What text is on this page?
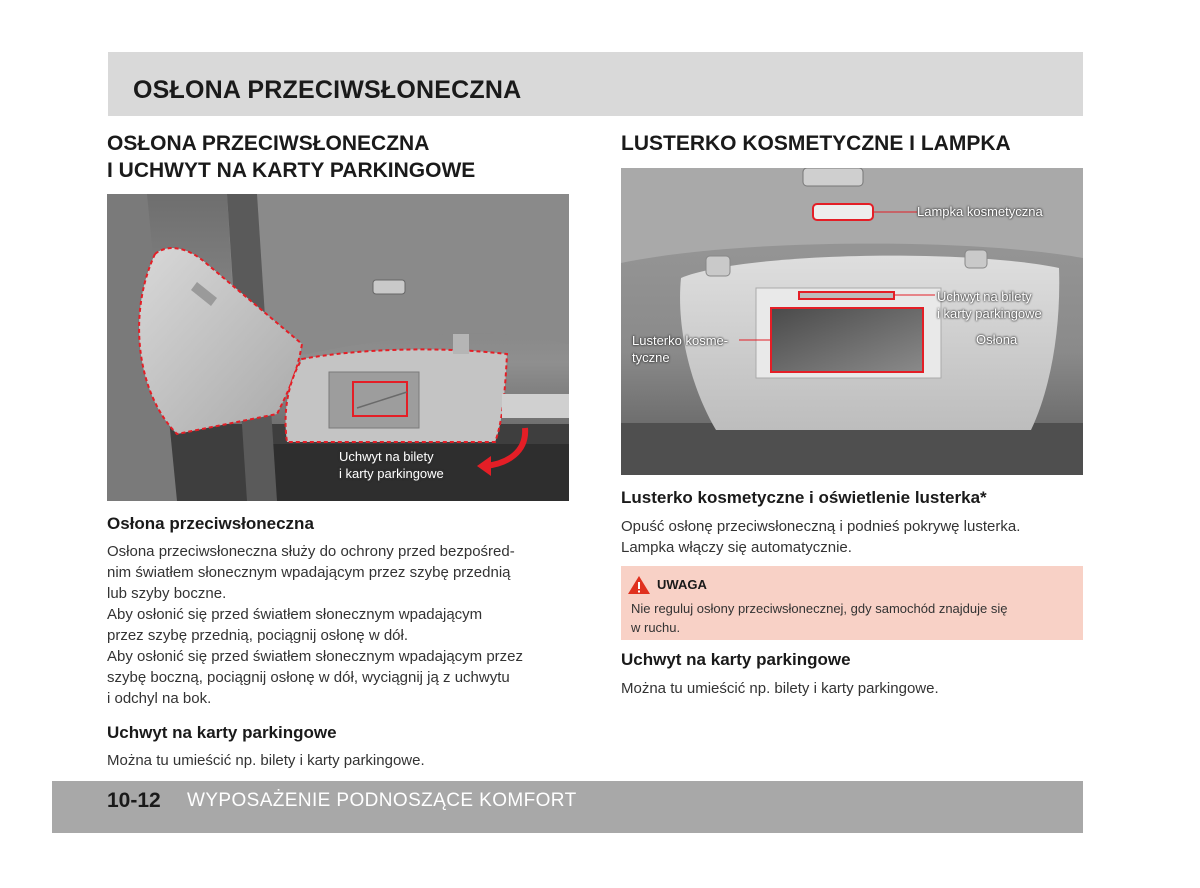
OSŁONA PRZECIWSŁONECZNA
OSŁONA PRZECIWSŁONECZNA
I UCHWYT NA KARTY PARKINGOWE
Uchwyt na bilety
i karty parkingowe
Osłona przeciwsłoneczna

Osłona przeciwsłoneczna służy do ochrony przed bezpośred-
nim światłem słonecznym wpadającym przez szybę przednią
lub szyby boczne.

Aby osłonić się przed światłem słonecznym wpadającym
przez szybę przednią, pociągnij osłonę w dół.

Aby osłonić się przed światłem słonecznym wpadającym przez
szybę boczną, pociągnij osłonę w dół, wyciągnij ją z uchwytu
i odchyl na bok.

Uchwyt na karty parkingowe

Można tu umieścić np. bilety i karty parkingowe.

LUSTERKO KOSMETYCZNE I LAMPKA
Lampka kosmetyczna
Uchwyt na bilety
i karty parkingowe
Osłona
Lusterko kosme-
tyczne
Lusterko kosmetyczne i oświetlenie lusterka*

Opuść osłonę przeciwsłoneczną i podnieś pokrywę lusterka.
Lampka włączy się automatycznie.

UWAGA
Nie reguluj osłony przeciwsłonecznej, gdy samochód znajduje się
w ruchu.
Uchwyt na karty parkingowe

Można tu umieścić np. bilety i karty parkingowe.

10-12 WYPOSAŻENIE PODNOSZĄCE KOMFORT
